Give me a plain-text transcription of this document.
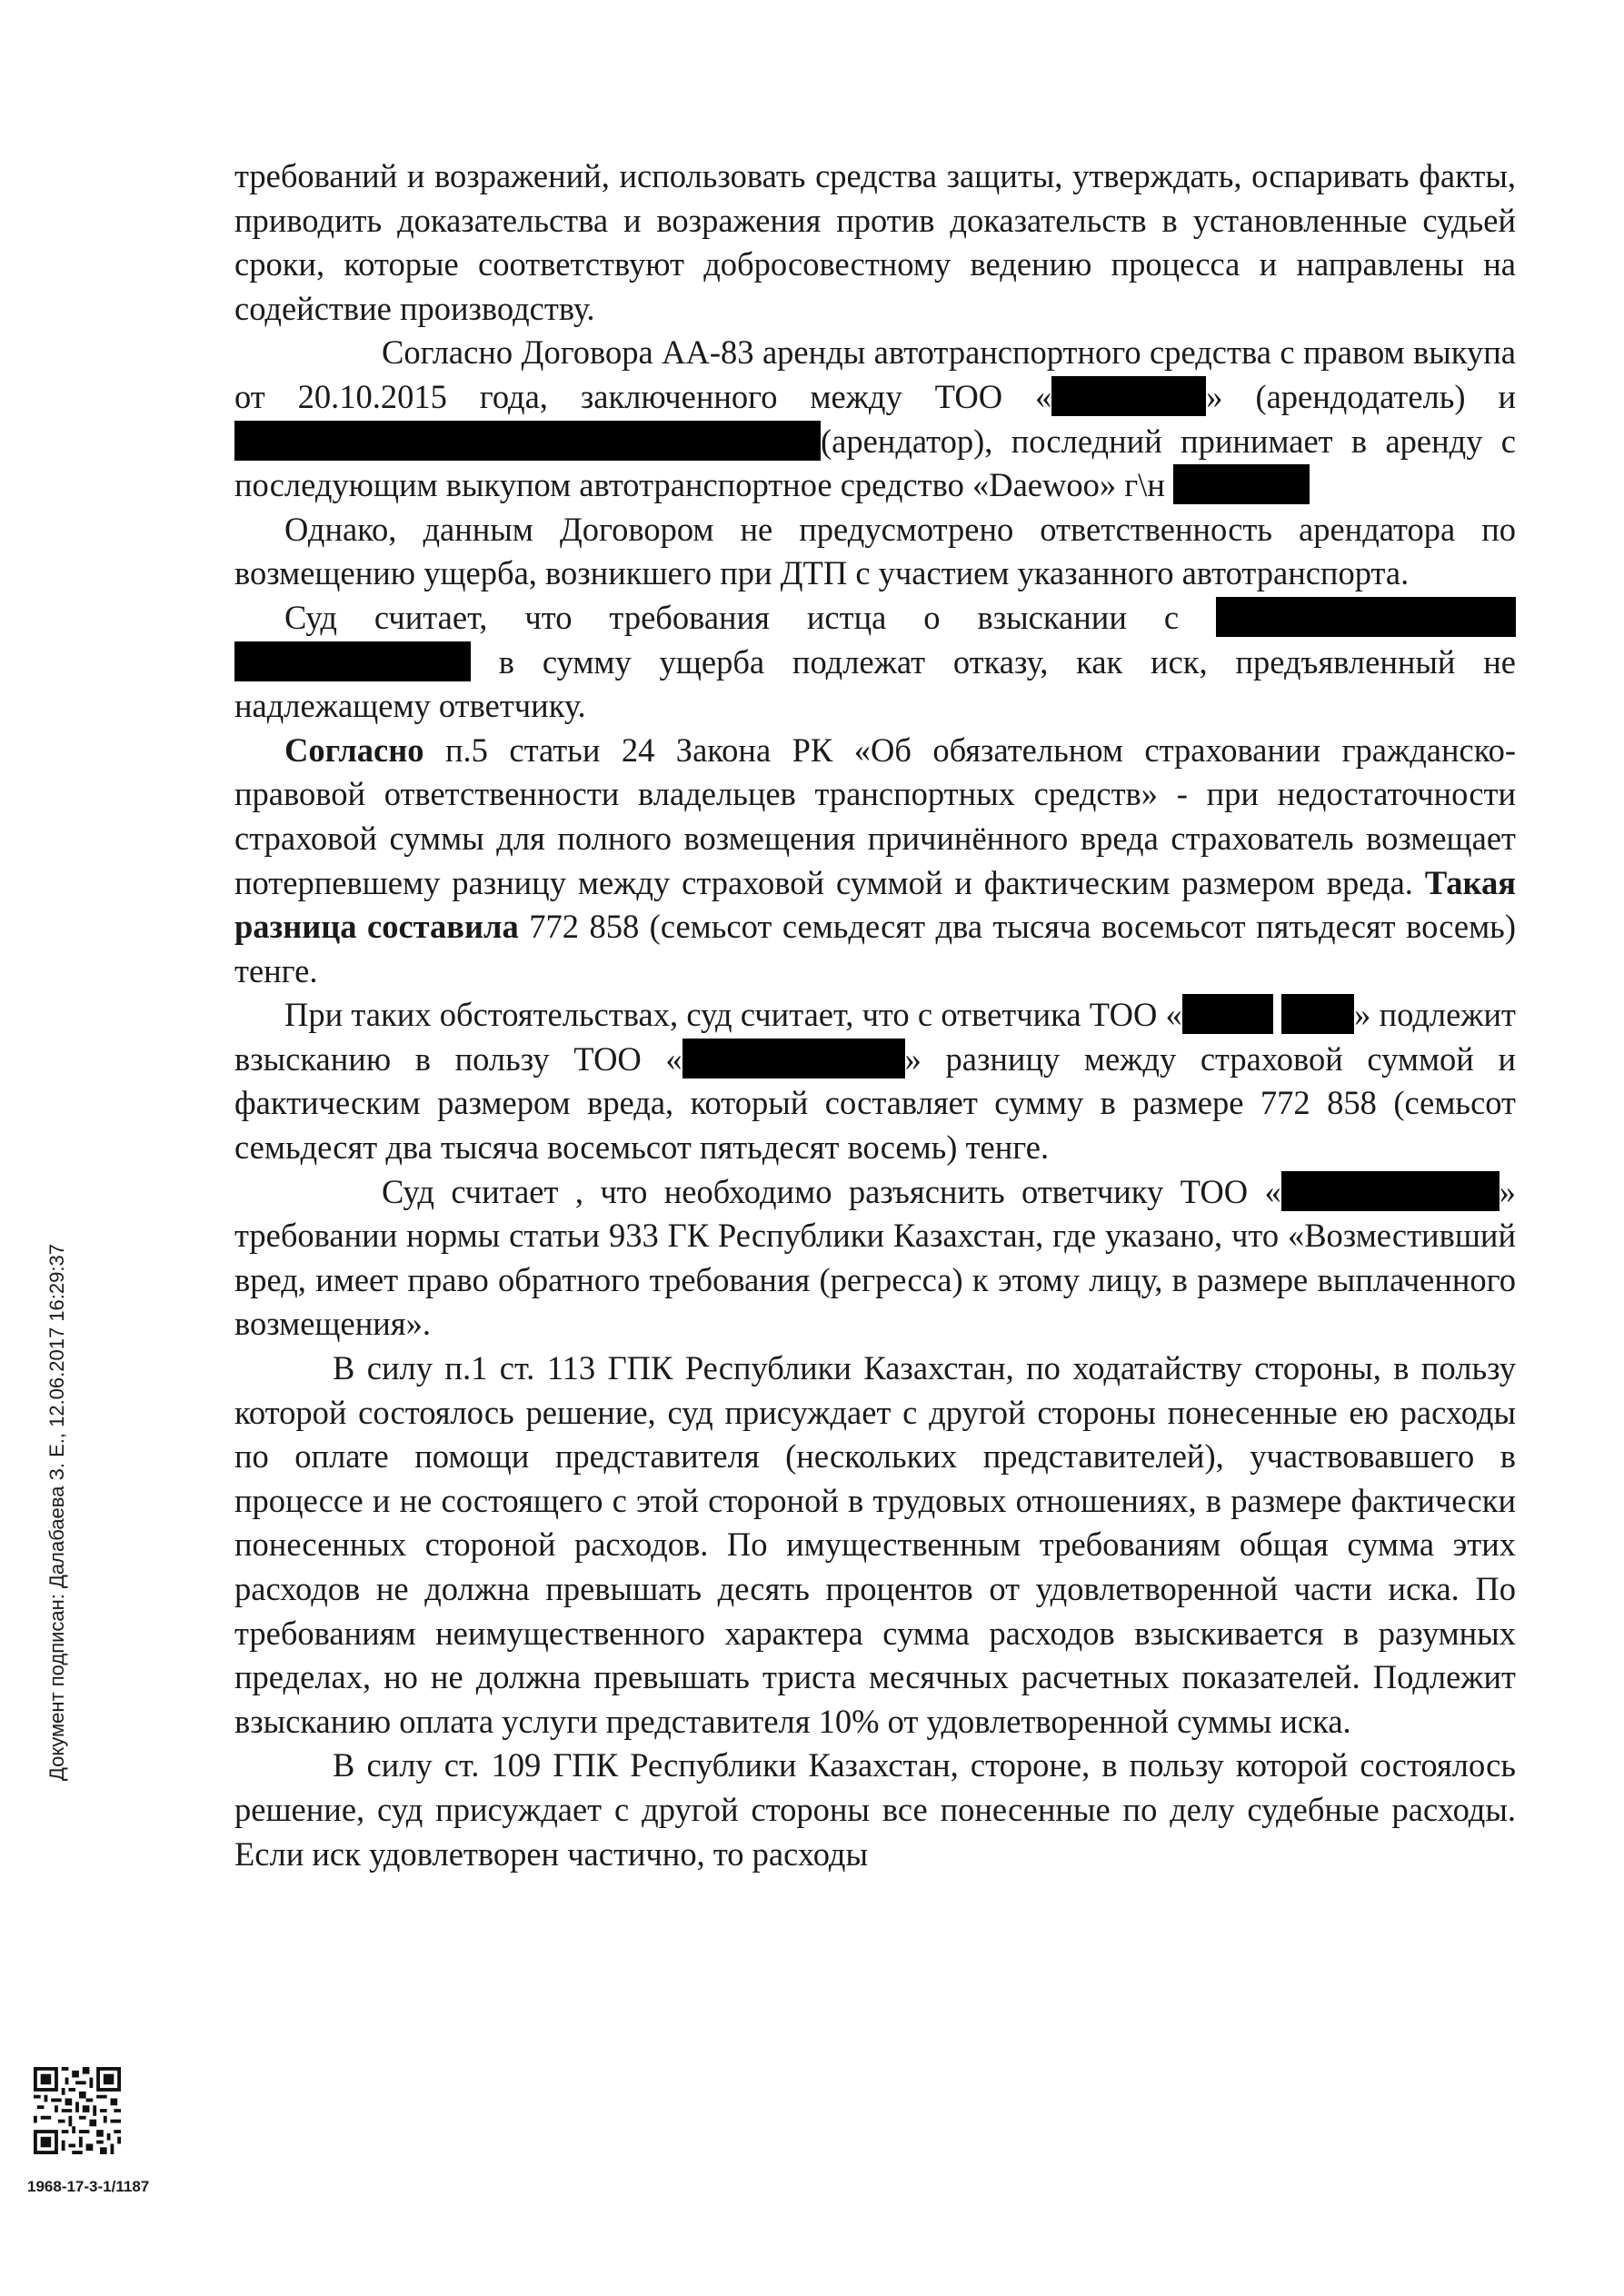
требований и возражений, использовать средства защиты, утверждать, оспаривать факты, приводить доказательства и возражения против доказательств в установленные судьей сроки, которые соответствуют добросовестному ведению процесса и направлены на содействие производству.

Согласно Договора АА-83 аренды автотранспортного средства с правом выкупа от 20.10.2015 года, заключенного между ТОО «	» (арендодатель) и (арендатор), последний принимает в аренду с последующим выкупом автотранспортное средство «Daewoo» г\н

Однако, данным Договором не предусмотрено ответственность арендатора по возмещению ущерба, возникшего при ДТП с участием указанного автотранспорта.

Суд считает, что требования истца о взыскании с   в сумму ущерба подлежат отказу, как иск, предъявленный не надлежащему ответчику.

Согласно п.5 статьи 24 Закона РК «Об обязательном страховании гражданско- правовой ответственности владельцев транспортных средств» - при недостаточности страховой суммы для полного возмещения причинённого вреда страхователь возмещает потерпевшему разницу между страховой суммой и фактическим размером вреда. Такая разница составила 772 858 (семьсот семьдесят два тысяча восемьсот пятьдесят восемь) тенге.

При таких обстоятельствах, суд считает, что с ответчика ТОО «	» подлежит взысканию в пользу ТОО «	» разницу между страховой суммой и фактическим размером вреда, который составляет сумму в размере 772 858 (семьсот семьдесят два тысяча восемьсот пятьдесят восемь) тенге.

Суд считает , что необходимо разъяснить ответчику ТОО «	» требовании нормы статьи 933 ГК Республики Казахстан, где указано, что «Возместивший вред, имеет право обратного требования (регресса) к этому лицу, в размере выплаченного возмещения».

В силу п.1 ст. 113 ГПК Республики Казахстан, по ходатайству стороны, в пользу которой состоялось решение, суд присуждает с другой стороны понесенные ею расходы по оплате помощи представителя (нескольких представителей), участвовавшего в процессе и не состоящего с этой стороной в трудовых отношениях, в размере фактически понесенных стороной расходов. По имущественным требованиям общая сумма этих расходов не должна превышать десять процентов от удовлетворенной части иска. По требованиям неимущественного характера сумма расходов взыскивается в разумных пределах, но не должна превышать триста месячных расчетных показателей. Подлежит взысканию оплата услуги представителя 10% от удовлетворенной суммы иска.

В силу ст. 109 ГПК Республики Казахстан, стороне, в пользу которой состоялось решение, суд присуждает с другой стороны все понесенные по делу судебные расходы. Если иск удовлетворен частично, то расходы

Документ подписан: Далабаева З. Е., 12.06.2017 16:29:37
1968-17-3-1/1187
